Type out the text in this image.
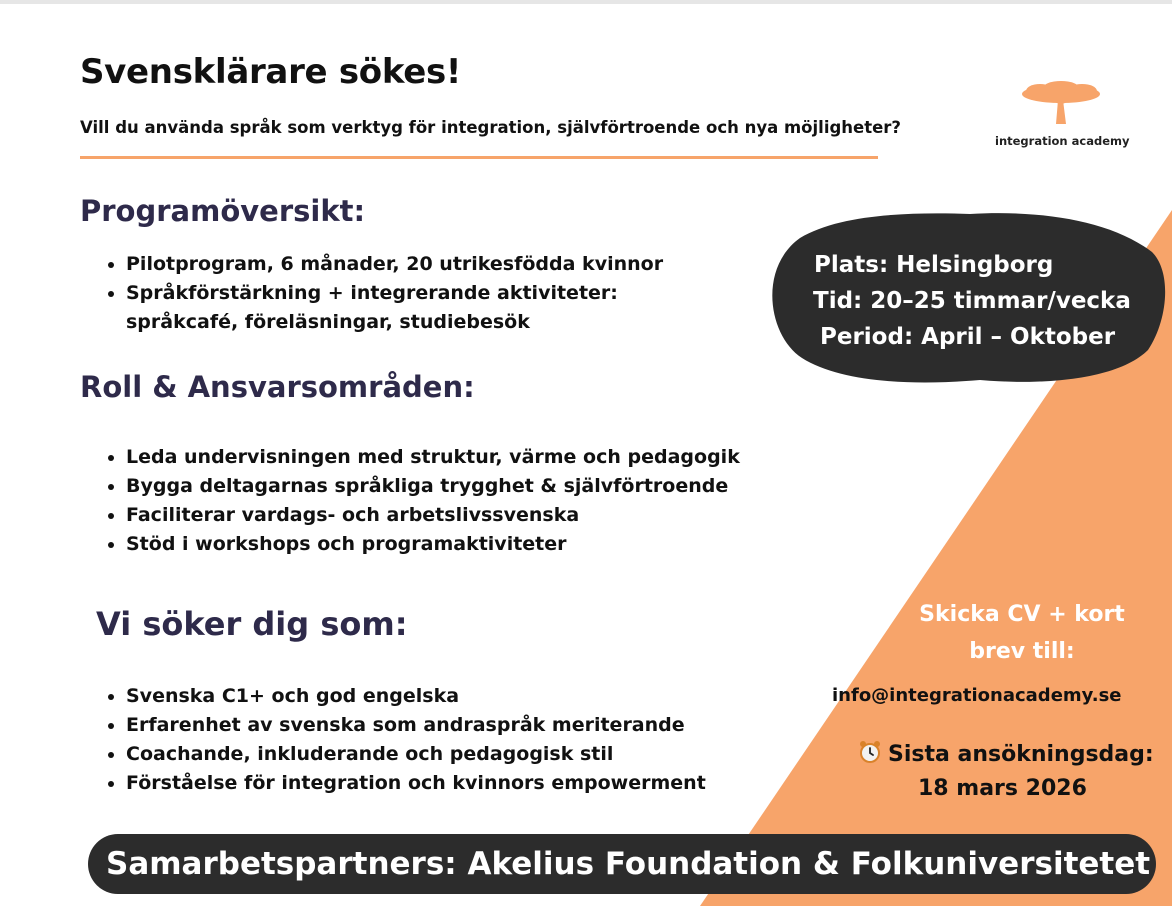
Svensklärare sökes!

Vill du använda språk som verktyg för integration, självförtroende och nya möjligheter?

integration academy
Programöversikt:
Pilotprogram, 6 månader, 20 utrikesfödda kvinnor
Språkförstärkning + integrerande aktiviteter:
språkcafé, föreläsningar, studiebesök
Roll & Ansvarsområden:
Leda undervisningen med struktur, värme och pedagogik
Bygga deltagarnas språkliga trygghet & självförtroende
Faciliterar vardags- och arbetslivssvenska
Stöd i workshops och programaktiviteter
Vi söker dig som:
Svenska C1+ och god engelska
Erfarenhet av svenska som andraspråk meriterande
Coachande, inkluderande och pedagogisk stil
Förståelse för integration och kvinnors empowerment
Plats: Helsingborg
Tid: 20–25 timmar/vecka
Period: April – Oktober
Skicka CV + kort
brev till:
info@integrationacademy.se
Sista ansökningsdag:
18 mars 2026
Samarbetspartners: Akelius Foundation & Folkuniversitetet
